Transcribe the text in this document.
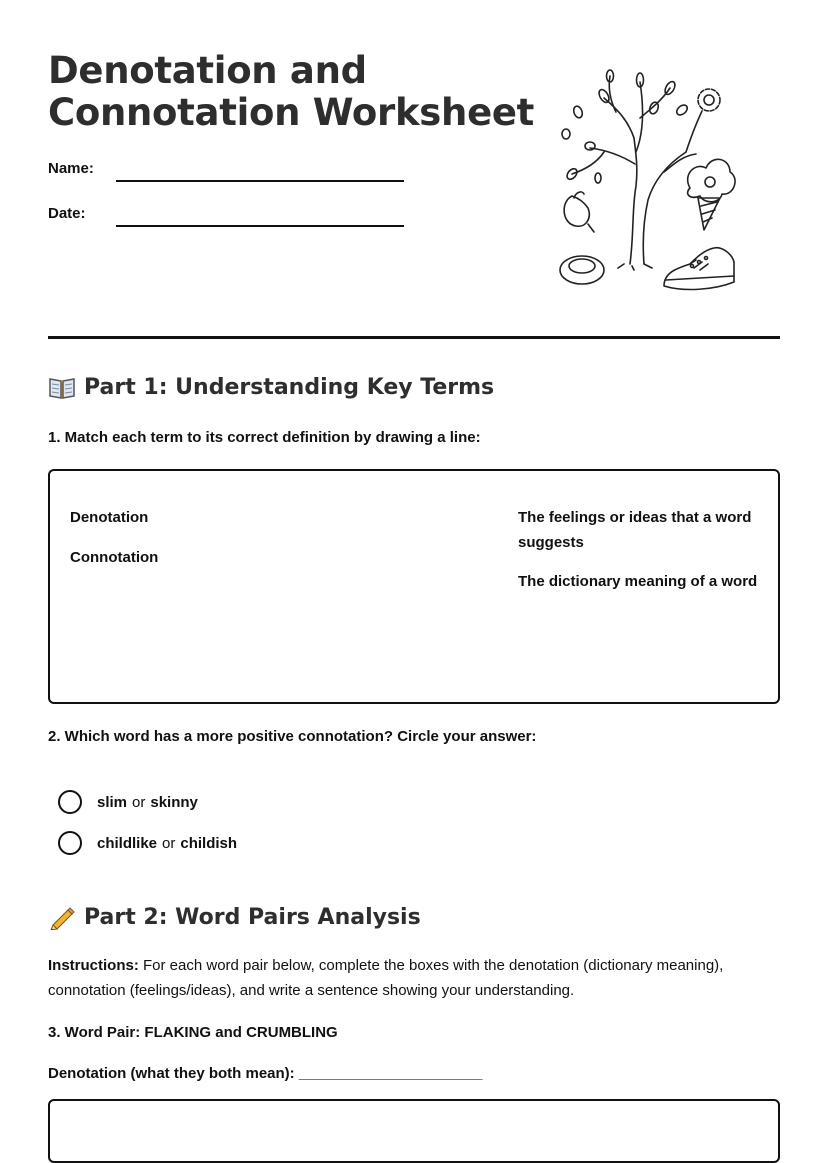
Denotation and
Connotation Worksheet
Name:
Date:
Part 1: Understanding Key Terms
1. Match each term to its correct definition by drawing a line:
Denotation
Connotation
The feelings or ideas that a word suggests
The dictionary meaning of a word
2. Which word has a more positive connotation? Circle your answer:
slim or skinny
childlike or childish
Part 2: Word Pairs Analysis
Instructions: For each word pair below, complete the boxes with the denotation (dictionary meaning), connotation (feelings/ideas), and write a sentence showing your understanding.
3. Word Pair: FLAKING and CRUMBLING
Denotation (what they both mean): ______________________
